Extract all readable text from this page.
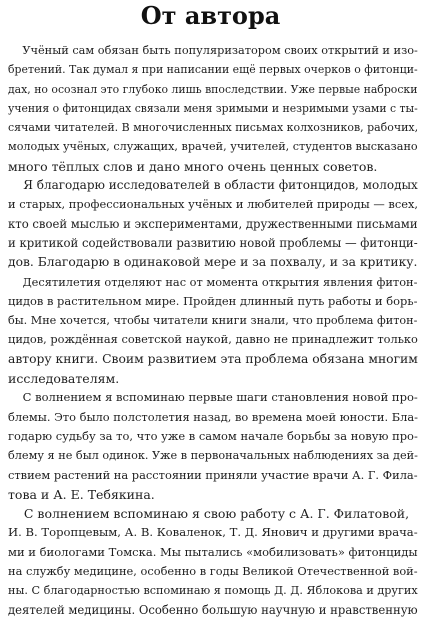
От автора
Учёный сам обязан быть популяризатором своих открытий и изо-
бретений. Так думал я при написании ещё первых очерков о фитонци-
дах, но осознал это глубоко лишь впоследствии. Уже первые наброски
учения о фитонцидах связали меня зримыми и незримыми узами с ты-
сячами читателей. В многочисленных письмах колхозников, рабочих,
молодых учёных, служащих, врачей, учителей, студентов высказано
много тёплых слов и дано много очень ценных советов.
Я благодарю исследователей в области фитонцидов, молодых
и старых, профессиональных учёных и любителей природы — всех,
кто своей мыслью и экспериментами, дружественными письмами
и критикой содействовали развитию новой проблемы — фитонци-
дов. Благодарю в одинаковой мере и за похвалу, и за критику.
Десятилетия отделяют нас от момента открытия явления фитон-
цидов в растительном мире. Пройден длинный путь работы и борь-
бы. Мне хочется, чтобы читатели книги знали, что проблема фитон-
цидов, рождённая советской наукой, давно не принадлежит только
автору книги. Своим развитием эта проблема обязана многим
исследователям.
С волнением я вспоминаю первые шаги становления новой про-
блемы. Это было полстолетия назад, во времена моей юности. Бла-
годарю судьбу за то, что уже в самом начале борьбы за новую про-
блему я не был одинок. Уже в первоначальных наблюдениях за дей-
ствием растений на расстоянии приняли участие врачи А. Г. Фила-
това и А. Е. Тебякина.
С волнением вспоминаю я свою работу с А. Г. Филатовой,
И. В. Торопцевым, А. В. Коваленок, Т. Д. Янович и другими врача-
ми и биологами Томска. Мы пытались «мобилизовать» фитонциды
на службу медицине, особенно в годы Великой Отечественной вой-
ны. С благодарностью вспоминаю я помощь Д. Д. Яблокова и других
деятелей медицины. Особенно большую научную и нравственную
